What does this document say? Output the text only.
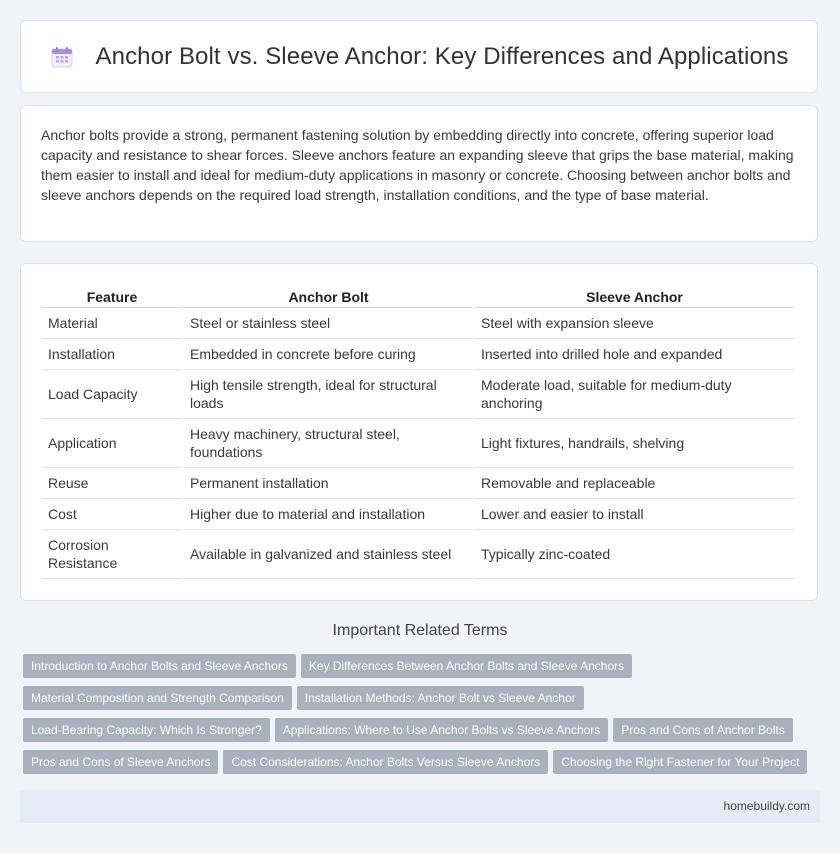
Anchor Bolt vs. Sleeve Anchor: Key Differences and Applications

Anchor bolts provide a strong, permanent fastening solution by embedding directly into concrete, offering superior load capacity and resistance to shear forces. Sleeve anchors feature an expanding sleeve that grips the base material, making them easier to install and ideal for medium-duty applications in masonry or concrete. Choosing between anchor bolts and sleeve anchors depends on the required load strength, installation conditions, and the type of base material.

Feature	Anchor Bolt	Sleeve Anchor
Material	Steel or stainless steel	Steel with expansion sleeve
Installation	Embedded in concrete before curing	Inserted into drilled hole and expanded
Load Capacity	High tensile strength, ideal for structural loads	Moderate load, suitable for medium-duty anchoring
Application	Heavy machinery, structural steel, foundations	Light fixtures, handrails, shelving
Reuse	Permanent installation	Removable and replaceable
Cost	Higher due to material and installation	Lower and easier to install
Corrosion Resistance	Available in galvanized and stainless steel	Typically zinc-coated
Important Related Terms
Introduction to Anchor Bolts and Sleeve Anchors Key Differences Between Anchor Bolts and Sleeve Anchors
Material Composition and Strength Comparison Installation Methods: Anchor Bolt vs Sleeve Anchor
Load-Bearing Capacity: Which Is Stronger? Applications: Where to Use Anchor Bolts vs Sleeve Anchors Pros and Cons of Anchor Bolts
Pros and Cons of Sleeve Anchors Cost Considerations: Anchor Bolts Versus Sleeve Anchors Choosing the Right Fastener for Your Project
homebuildy.com
